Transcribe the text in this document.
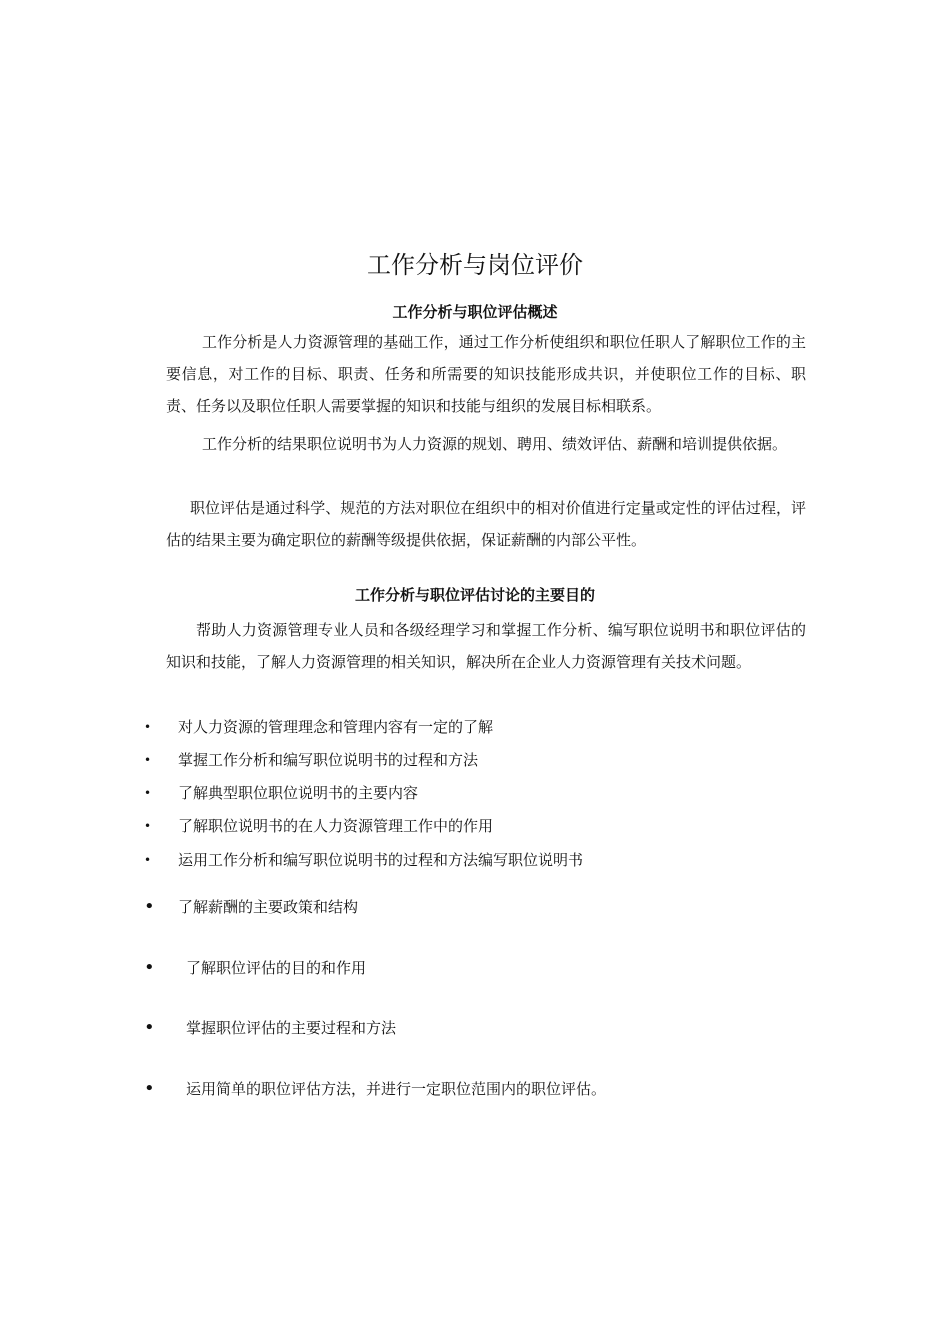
工作分析与岗位评价
工作分析与职位评估概述
工作分析是人力资源管理的基础工作，通过工作分析使组织和职位任职人了解职位工作的主要信息，对工作的目标、职责、任务和所需要的知识技能形成共识，并使职位工作的目标、职责、任务以及职位任职人需要掌握的知识和技能与组织的发展目标相联系。
工作分析的结果职位说明书为人力资源的规划、聘用、绩效评估、薪酬和培训提供依据。
职位评估是通过科学、规范的方法对职位在组织中的相对价值进行定量或定性的评估过程，评估的结果主要为确定职位的薪酬等级提供依据，保证薪酬的内部公平性。
工作分析与职位评估讨论的主要目的
帮助人力资源管理专业人员和各级经理学习和掌握工作分析、编写职位说明书和职位评估的知识和技能，了解人力资源管理的相关知识，解决所在企业人力资源管理有关技术问题。
• 对人力资源的管理理念和管理内容有一定的了解
• 掌握工作分析和编写职位说明书的过程和方法
• 了解典型职位职位说明书的主要内容
• 了解职位说明书的在人力资源管理工作中的作用
• 运用工作分析和编写职位说明书的过程和方法编写职位说明书
• 了解薪酬的主要政策和结构
• 了解职位评估的目的和作用
• 掌握职位评估的主要过程和方法
• 运用简单的职位评估方法，并进行一定职位范围内的职位评估。
